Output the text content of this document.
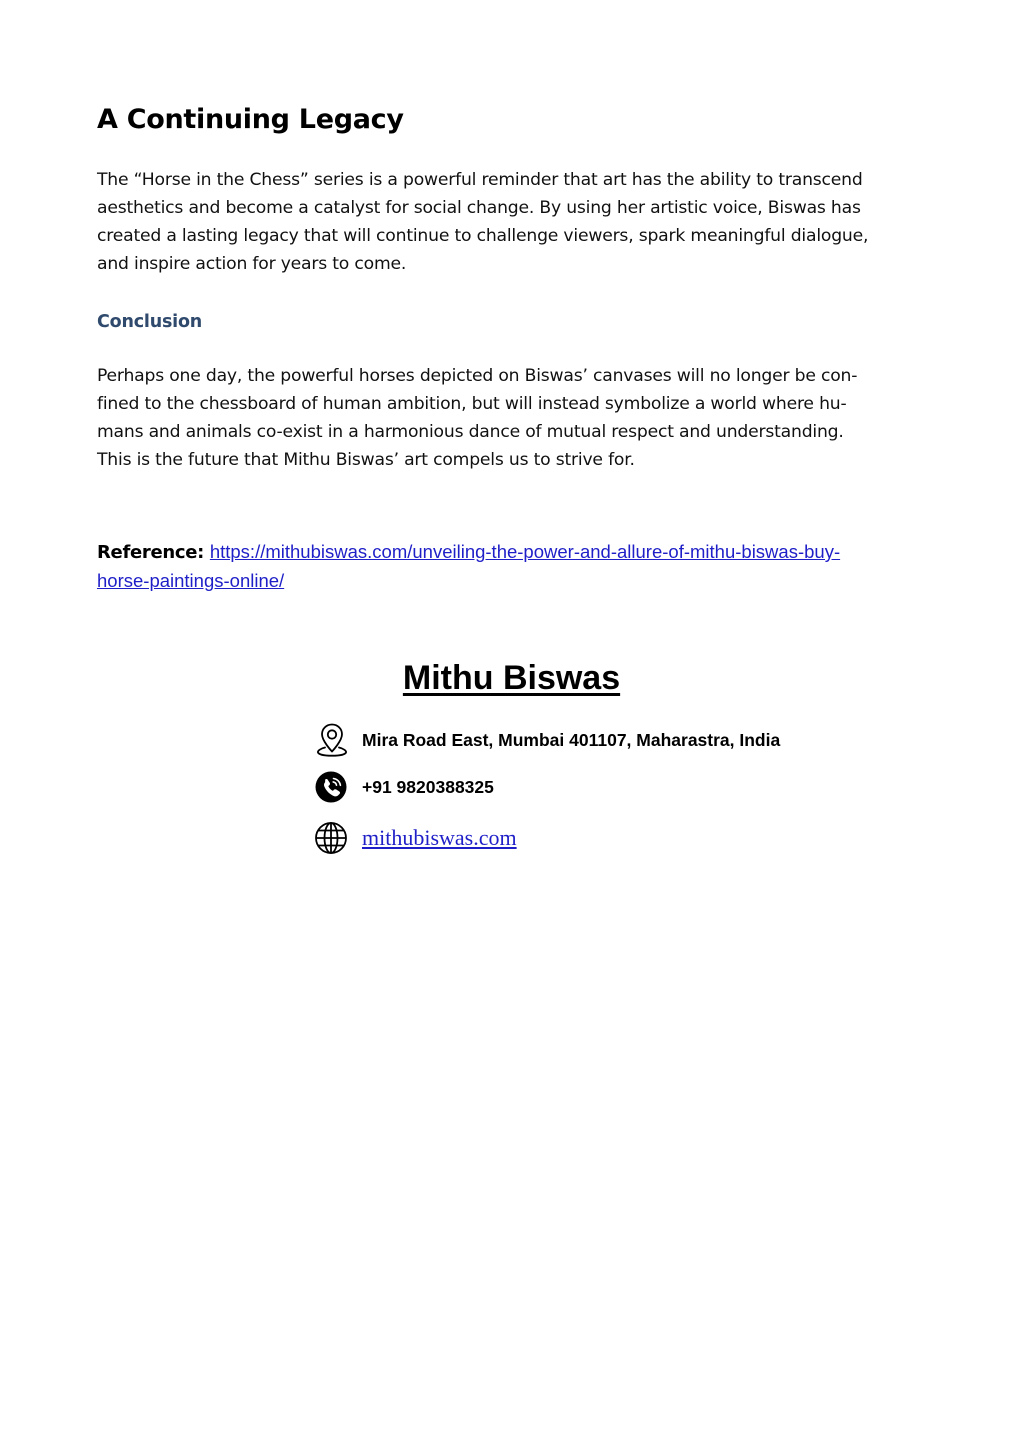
A Continuing Legacy

The “Horse in the Chess” series is a powerful reminder that art has the ability to transcend
aesthetics and become a catalyst for social change. By using her artistic voice, Biswas has
created a lasting legacy that will continue to challenge viewers, spark meaningful dialogue,
and inspire action for years to come.

Conclusion

Perhaps one day, the powerful horses depicted on Biswas’ canvases will no longer be con-
fined to the chessboard of human ambition, but will instead symbolize a world where hu-
mans and animals co-exist in a harmonious dance of mutual respect and understanding.
This is the future that Mithu Biswas’ art compels us to strive for.

Reference: https://mithubiswas.com/unveiling-the-power-and-allure-of-mithu-biswas-buy-
horse-paintings-online/
Mithu Biswas
Mira Road East, Mumbai 401107, Maharastra, India
+91 9820388325
mithubiswas.com
